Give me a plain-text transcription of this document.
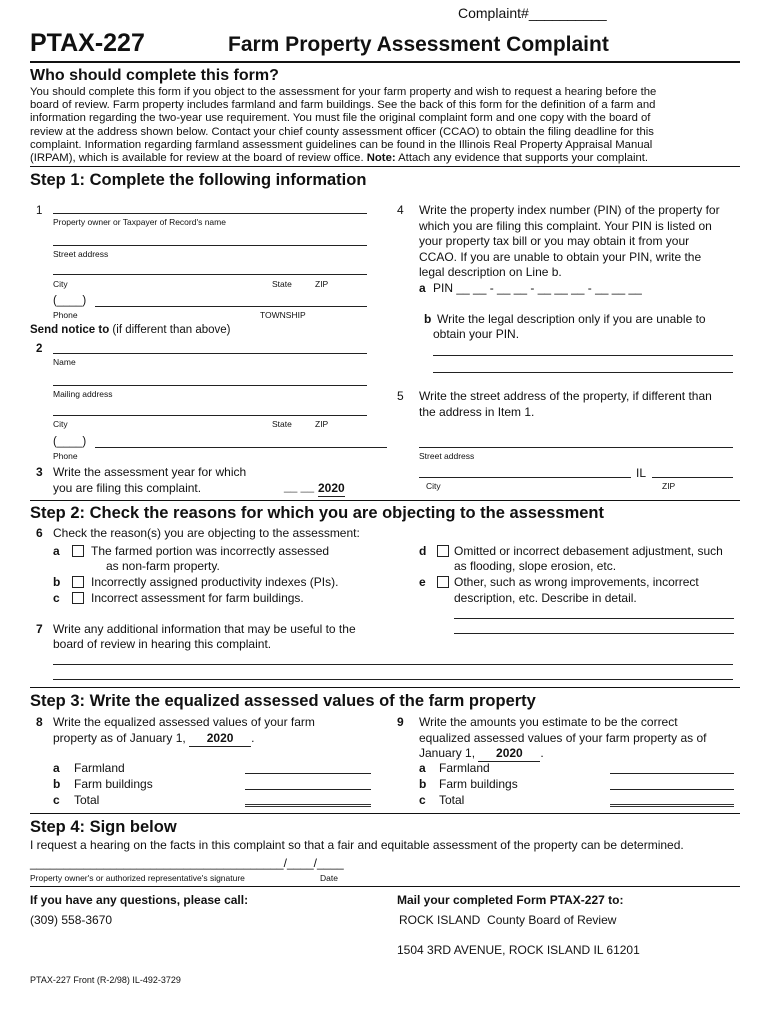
Complaint#__________
PTAX-227	Farm Property Assessment Complaint
Who should complete this form?
You should complete this form if you object to the assessment for your farm property and wish to request a hearing before the
board of review. Farm property includes farmland and farm buildings. See the back of this form for the definition of a farm and
information regarding the two-year use requirement. You must file the original complaint form and one copy with the board of
review at the address shown below. Contact your chief county assessment officer (CCAO) to obtain the filing deadline for this
complaint. Information regarding farmland assessment guidelines can be found in the Illinois Real Property Appraisal Manual
(IRPAM), which is available for review at the board of review office. Note: Attach any evidence that supports your complaint.
Step 1: Complete the following information
1
Property owner or Taxpayer of Record's name
Street address
City	State	ZIP
(____)
Phone	TOWNSHIP
Send notice to (if different than above)
2
Name
Mailing address
City	State	ZIP
(____)
Phone
3 Write the assessment year for which
you are filing this complaint.	__ __ 2020
4 Write the property index number (PIN) of the property for
which you are filing this complaint. Your PIN is listed on
your property tax bill or you may obtain it from your
CCAO. If you are unable to obtain your PIN, write the
legal description on Line b.
a PIN __ __ - __ __ - __ __ __ - __ __ __
b Write the legal description only if you are unable to
obtain your PIN.
5 Write the street address of the property, if different than
the address in Item 1.
Street address
IL
City	ZIP
Step 2: Check the reasons for which you are objecting to the assessment
6 Check the reason(s) you are objecting to the assessment:
a	The farmed portion was incorrectly assessed
as non-farm property.
b	Incorrectly assigned productivity indexes (PIs).
c	Incorrect assessment for farm buildings.
d Omitted or incorrect debasement adjustment, such
as flooding, slope erosion, etc.
e Other, such as wrong improvements, incorrect
description, etc. Describe in detail.
7 Write any additional information that may be useful to the
board of review in hearing this complaint.
Step 3: Write the equalized assessed values of the farm property
8 Write the equalized assessed values of your farm
property as of January 1, 2020 .
a Farmland
b Farm buildings
c Total
9 Write the amounts you estimate to be the correct
equalized assessed values of your farm property as of
January 1, 2020 .
a Farmland
b Farm buildings
c Total
Step 4: Sign below
I request a hearing on the facts in this complaint so that a fair and equitable assessment of the property can be determined.
______________________________________/____/____
Property owner's or authorized representative's signature	Date
If you have any questions, please call:
(309) 558-3670
Mail your completed Form PTAX-227 to:
ROCK ISLAND County Board of Review
1504 3RD AVENUE, ROCK ISLAND IL 61201
PTAX-227 Front (R-2/98) IL-492-3729
